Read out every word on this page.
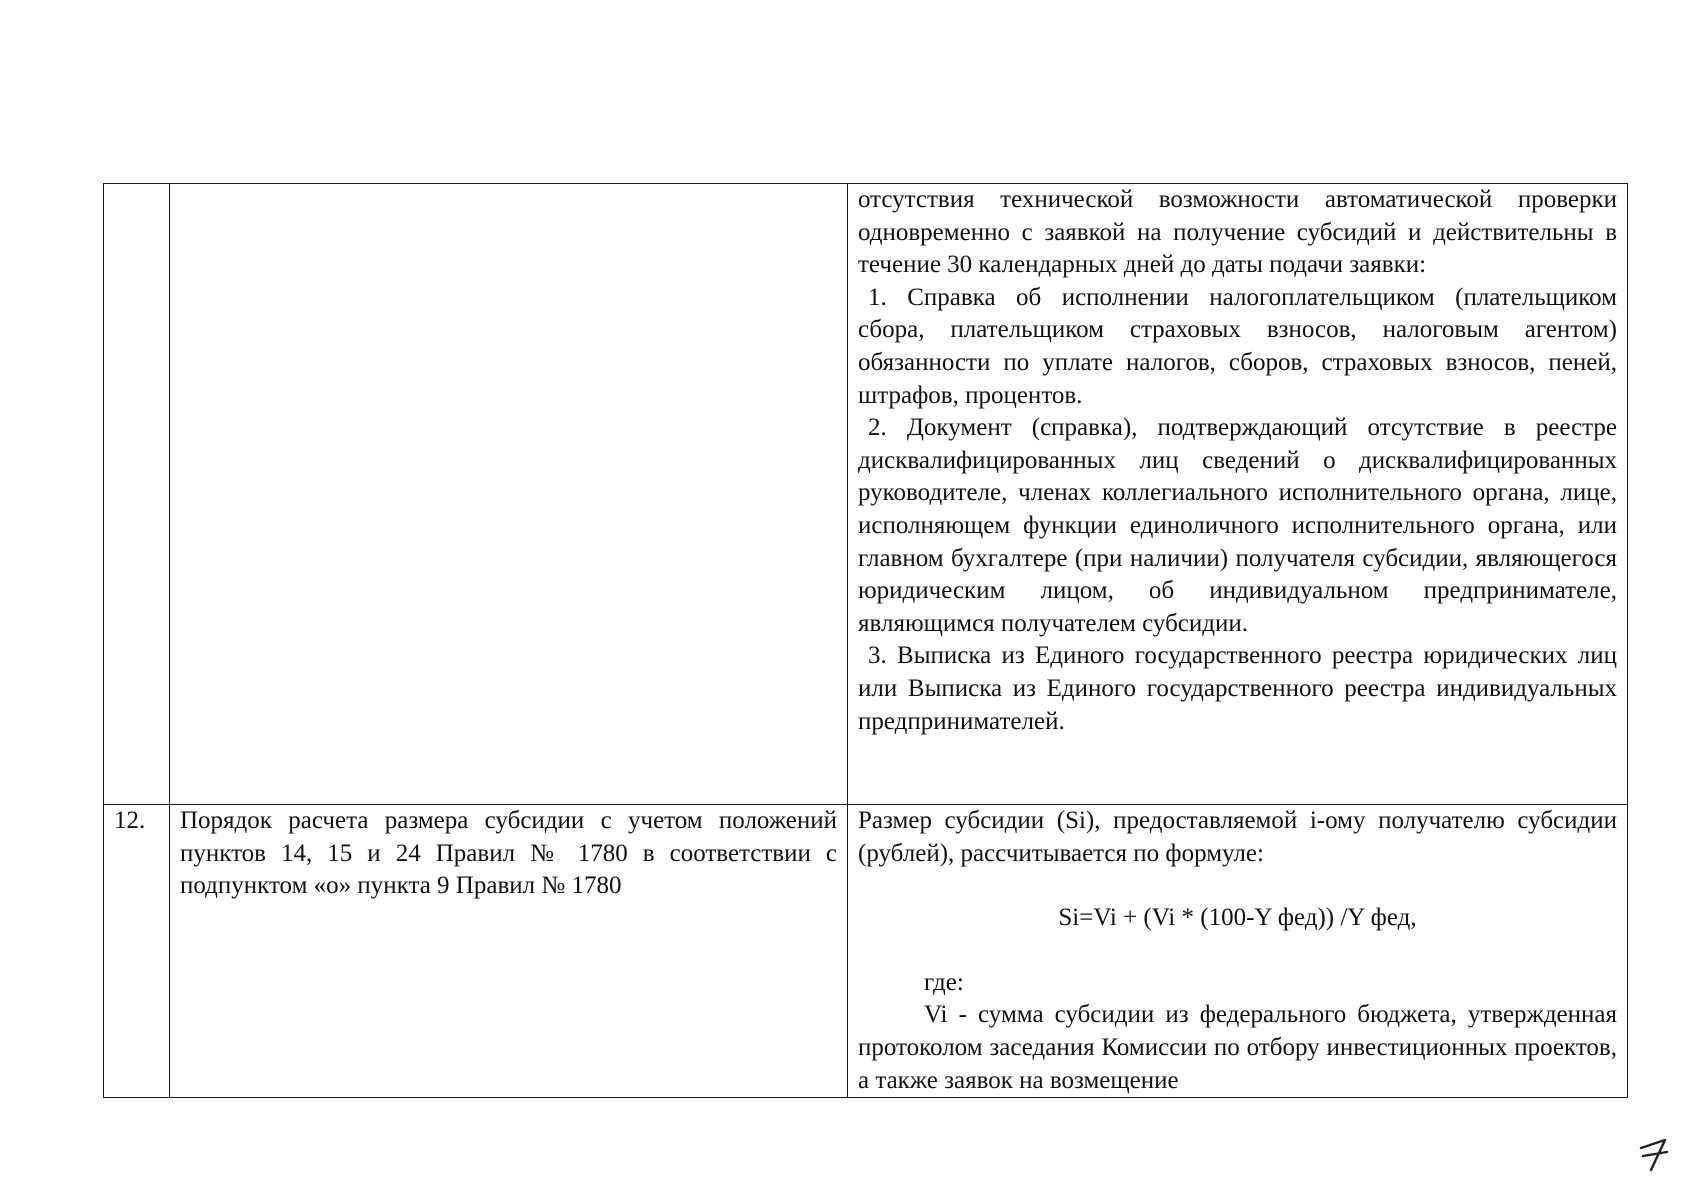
		отсутствия технической возможности автоматической проверки одновременно с заявкой на получение субсидий и действительны в течение 30 календарных дней до даты подачи заявки:

1. Справка об исполнении налогоплательщиком (плательщиком сбора, плательщиком страховых взносов, налоговым агентом) обязанности по уплате налогов, сборов, страховых взносов, пеней, штрафов, процентов.

2. Документ (справка), подтверждающий отсутствие в реестре дисквалифицированных лиц сведений о дисквалифицированных руководителе, членах коллегиального исполнительного органа, лице, исполняющем функции единоличного исполнительного органа, или главном бухгалтере (при наличии) получателя субсидии, являющегося юридическим лицом, об индивидуальном предпринимателе, являющимся получателем субсидии.

3. Выписка из Единого государственного реестра юридических лиц или Выписка из Единого государственного реестра индивидуальных предпринимателей.

12.	Порядок расчета размера субсидии с учетом положений пунктов 14, 15 и 24 Правил № 1780 в соответствии с подпунктом «о» пункта 9 Правил № 1780	Размер субсидии (Si), предоставляемой i-ому получателю субсидии (рублей), рассчитывается по формуле:

Si=Vi + (Vi * (100-Y фед)) /Y фед,

где:

Vi - сумма субсидии из федерального бюджета, утвержденная протоколом заседания Комиссии по отбору инвестиционных проектов, а также заявок на возмещение
